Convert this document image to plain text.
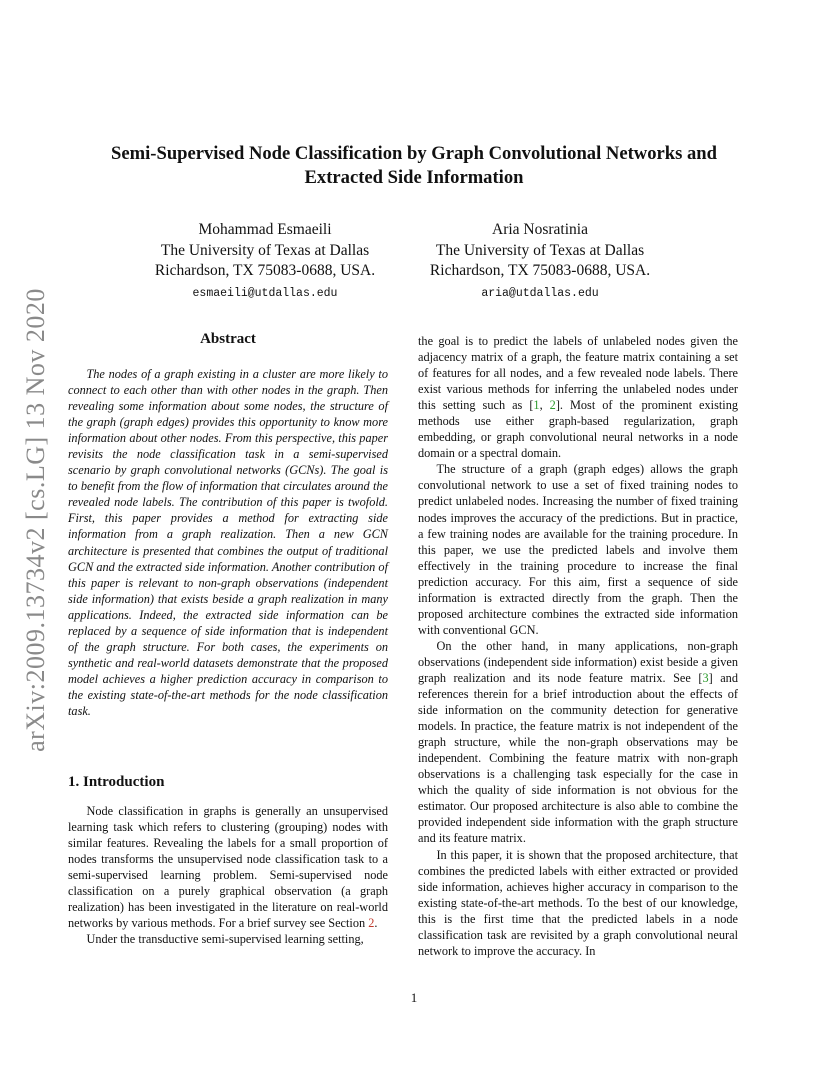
arXiv:2009.13734v2 [cs.LG] 13 Nov 2020
Semi-Supervised Node Classification by Graph Convolutional Networks and
Extracted Side Information
Mohammad Esmaeili
The University of Texas at Dallas
Richardson, TX 75083-0688, USA.
esmaeili@utdallas.edu
Aria Nosratinia
The University of Texas at Dallas
Richardson, TX 75083-0688, USA.
aria@utdallas.edu
Abstract

The nodes of a graph existing in a cluster are more likely to connect to each other than with other nodes in the graph. Then revealing some information about some nodes, the structure of the graph (graph edges) provides this opportunity to know more information about other nodes. From this perspective, this paper revisits the node classification task in a semi-supervised scenario by graph convolutional networks (GCNs). The goal is to benefit from the flow of information that circulates around the revealed node labels. The contribution of this paper is twofold. First, this paper provides a method for extracting side information from a graph realization. Then a new GCN architecture is presented that combines the output of traditional GCN and the extracted side information. Another contribution of this paper is relevant to non-graph observations (independent side information) that exists beside a graph realization in many applications. Indeed, the extracted side information can be replaced by a sequence of side information that is independent of the graph structure. For both cases, the experiments on synthetic and real-world datasets demonstrate that the proposed model achieves a higher prediction accuracy in comparison to the existing state-of-the-art methods for the node classification task.

1. Introduction

Node classification in graphs is generally an unsupervised learning task which refers to clustering (grouping) nodes with similar features. Revealing the labels for a small proportion of nodes transforms the unsupervised node classification task to a semi-supervised learning problem. Semi-supervised node classification on a purely graphical observation (a graph realization) has been investigated in the literature on real-world networks by various methods. For a brief survey see Section 2.

Under the transductive semi-supervised learning setting,

the goal is to predict the labels of unlabeled nodes given the adjacency matrix of a graph, the feature matrix containing a set of features for all nodes, and a few revealed node labels. There exist various methods for inferring the unlabeled nodes under this setting such as [1, 2]. Most of the prominent existing methods use either graph-based regularization, graph embedding, or graph convolutional neural networks in a node domain or a spectral domain.

The structure of a graph (graph edges) allows the graph convolutional network to use a set of fixed training nodes to predict unlabeled nodes. Increasing the number of fixed training nodes improves the accuracy of the predictions. But in practice, a few training nodes are available for the training procedure. In this paper, we use the predicted labels and involve them effectively in the training procedure to increase the final prediction accuracy. For this aim, first a sequence of side information is extracted directly from the graph. Then the proposed architecture combines the extracted side information with conventional GCN.

On the other hand, in many applications, non-graph observations (independent side information) exist beside a given graph realization and its node feature matrix. See [3] and references therein for a brief introduction about the effects of side information on the community detection for generative models. In practice, the feature matrix is not independent of the graph structure, while the non-graph observations may be independent. Combining the feature matrix with non-graph observations is a challenging task especially for the case in which the quality of side information is not obvious for the estimator. Our proposed architecture is also able to combine the provided independent side information with the graph structure and its feature matrix.

In this paper, it is shown that the proposed architecture, that combines the predicted labels with either extracted or provided side information, achieves higher accuracy in comparison to the existing state-of-the-art methods. To the best of our knowledge, this is the first time that the predicted labels in a node classification task are revisited by a graph convolutional neural network to improve the accuracy. In

1
